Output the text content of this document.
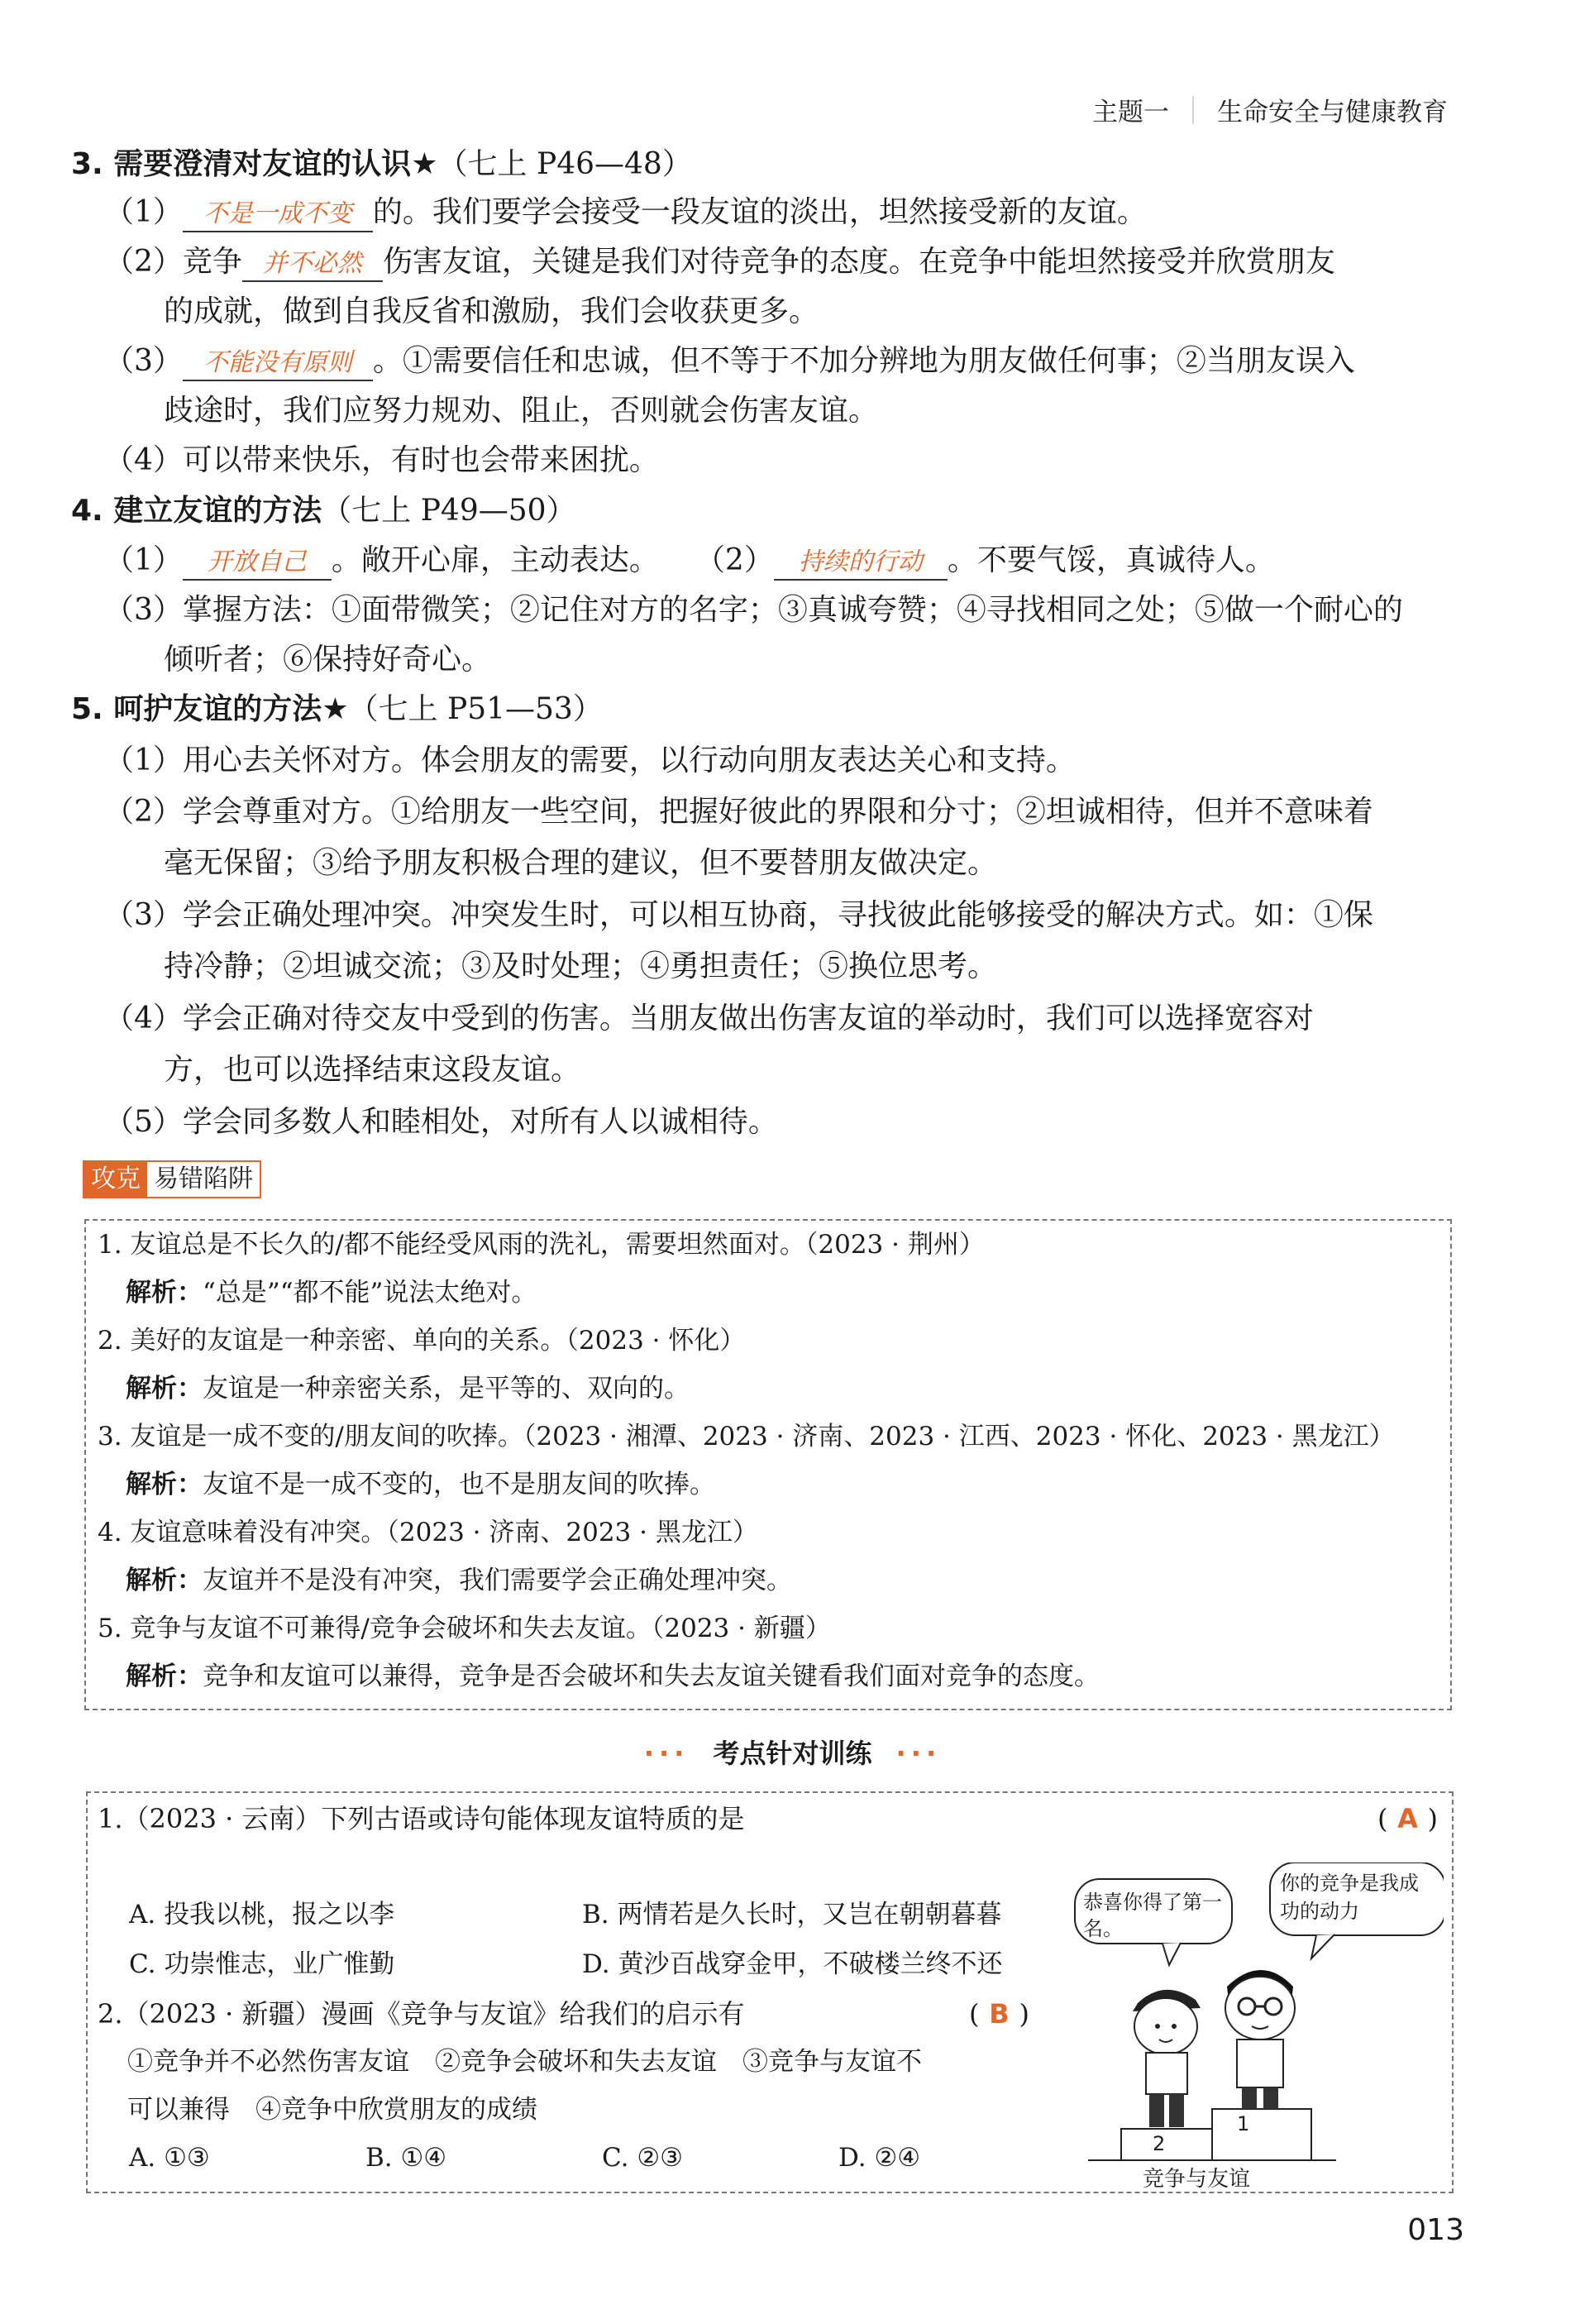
主题一 生命安全与健康教育
3. 需要澄清对友谊的认识★（七上 P46—48）
（1） 不是一成不变 的。我们要学会接受一段友谊的淡出，坦然接受新的友谊。
（2）竞争 并不必然 伤害友谊，关键是我们对待竞争的态度。在竞争中能坦然接受并欣赏朋友
的成就，做到自我反省和激励，我们会收获更多。
（3） 不能没有原则 。①需要信任和忠诚，但不等于不加分辨地为朋友做任何事；②当朋友误入
歧途时，我们应努力规劝、阻止，否则就会伤害友谊。
（4）可以带来快乐，有时也会带来困扰。
4. 建立友谊的方法（七上 P49—50）
（1） 开放自己 。敞开心扉，主动表达。 （2） 持续的行动 。不要气馁，真诚待人。
（3）掌握方法：①面带微笑；②记住对方的名字；③真诚夸赞；④寻找相同之处；⑤做一个耐心的
倾听者；⑥保持好奇心。
5. 呵护友谊的方法★（七上 P51—53）
（1）用心去关怀对方。体会朋友的需要，以行动向朋友表达关心和支持。
（2）学会尊重对方。①给朋友一些空间，把握好彼此的界限和分寸；②坦诚相待，但并不意味着
毫无保留；③给予朋友积极合理的建议，但不要替朋友做决定。
（3）学会正确处理冲突。冲突发生时，可以相互协商，寻找彼此能够接受的解决方式。如：①保
持冷静；②坦诚交流；③及时处理；④勇担责任；⑤换位思考。
（4）学会正确对待交友中受到的伤害。当朋友做出伤害友谊的举动时，我们可以选择宽容对
方，也可以选择结束这段友谊。
（5）学会同多数人和睦相处，对所有人以诚相待。
攻克 易错陷阱
1. 友谊总是不长久的/都不能经受风雨的洗礼，需要坦然面对。（2023 · 荆州）
解析：“总是”“都不能”说法太绝对。
2. 美好的友谊是一种亲密、单向的关系。（2023 · 怀化）
解析：友谊是一种亲密关系，是平等的、双向的。
3. 友谊是一成不变的/朋友间的吹捧。（2023 · 湘潭、2023 · 济南、2023 · 江西、2023 · 怀化、2023 · 黑龙江）
解析：友谊不是一成不变的，也不是朋友间的吹捧。
4. 友谊意味着没有冲突。（2023 · 济南、2023 · 黑龙江）
解析：友谊并不是没有冲突，我们需要学会正确处理冲突。
5. 竞争与友谊不可兼得/竞争会破坏和失去友谊。（2023 · 新疆）
解析：竞争和友谊可以兼得，竞争是否会破坏和失去友谊关键看我们面对竞争的态度。
··· 考点针对训练 ···
1.（2023 · 云南）下列古语或诗句能体现友谊特质的是	( A )
A. 投我以桃，报之以李	B. 两情若是久长时，又岂在朝朝暮暮
C. 功崇惟志，业广惟勤	D. 黄沙百战穿金甲，不破楼兰终不还
2.（2023 · 新疆）漫画《竞争与友谊》给我们的启示有	( B )
①竞争并不必然伤害友谊　②竞争会破坏和失去友谊　③竞争与友谊不
可以兼得　④竞争中欣赏朋友的成绩
A. ①③	B. ①④	C. ②③	D. ②④
恭喜你得了第一名。
你的竞争是我成功的动力
2
1
竞争与友谊
013
